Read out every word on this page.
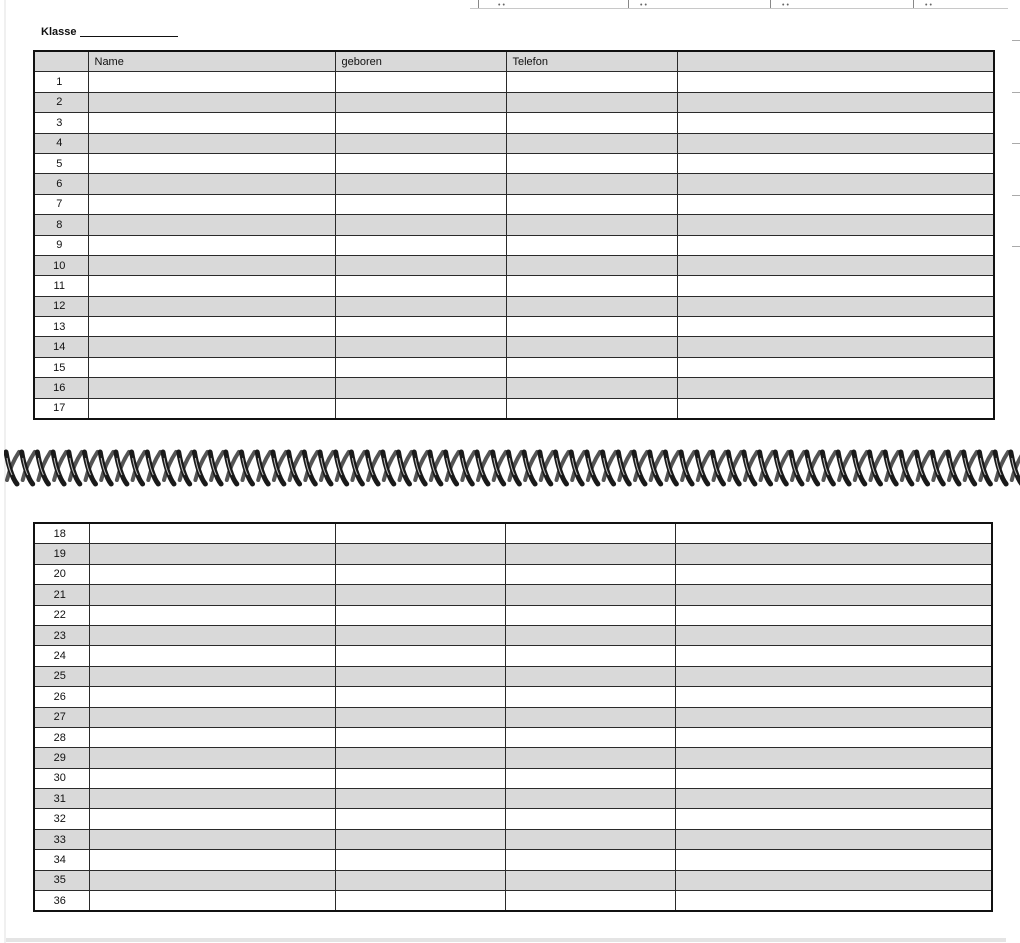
••	••	••	••
Klasse
	Name	geboren	Telefon	
1				
2				
3				
4				
5				
6				
7				
8				
9				
10				
11				
12				
13				
14				
15				
16				
17				
18				
19				
20				
21				
22				
23				
24				
25				
26				
27				
28				
29				
30				
31				
32				
33				
34				
35				
36				
